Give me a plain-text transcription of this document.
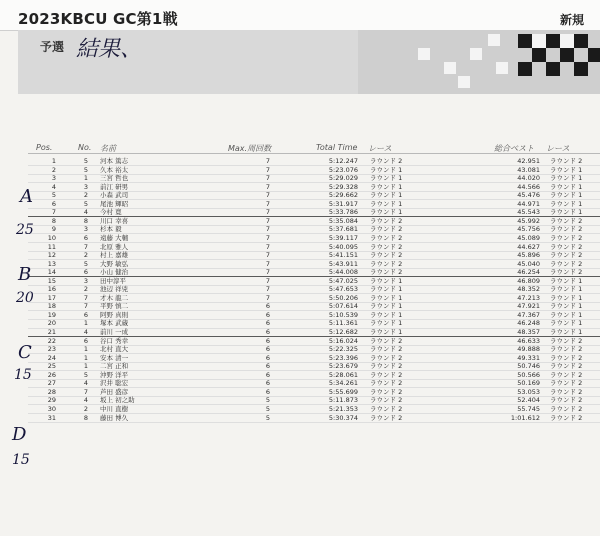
2023KBCU GC第1戦	新規
予選 結果、
Pos.	No. 名前	Max.周回数	Total Time レース	総合ベスト レース
1	5 河本 篤志	7	5:12.247 ラウンド 2	42.951 ラウンド 2
2	5 久本 裕太	7	5:23.076 ラウンド 1	43.081 ラウンド 1
3	1 三宮 哲也	7	5:29.029 ラウンド 1	44.020 ラウンド 1
4	3 前江 研男	7	5:29.328 ラウンド 1	44.566 ラウンド 1
5	2 小森 武司	7	5:29.662 ラウンド 1	45.476 ラウンド 1
6	5 尾池 輝昭	7	5:31.917 ラウンド 1	44.971 ラウンド 1
7	4 今村 寛	7	5:33.786 ラウンド 1	45.543 ラウンド 1
8	8 川口 幸喜	7	5:35.084 ラウンド 2	45.992 ラウンド 2
9	3 杉本 毅	7	5:37.681 ラウンド 2	45.756 ラウンド 2
10	6 遠藤 大輔	7	5:39.117 ラウンド 2	45.089 ラウンド 2
11	7 北原 雅人	7	5:40.095 ラウンド 2	44.627 ラウンド 2
12	2 村上 嘉雄	7	5:41.151 ラウンド 2	45.896 ラウンド 2
13	5 大野 敏弘	7	5:43.911 ラウンド 2	45.040 ラウンド 2
14	6 小山 健治	7	5:44.008 ラウンド 2	46.254 ラウンド 2
15	3 田中淳平	7	5:47.025 ラウンド 1	46.809 ラウンド 1
16	2 池辺 祥兇	7	5:47.653 ラウンド 1	48.352 ラウンド 1
17	7 才木 龍二	7	5:50.206 ラウンド 1	47.213 ラウンド 1
18	7 平野 慎二	6	5:07.614 ラウンド 1	47.921 ラウンド 1
19	6 阿野 真則	6	5:10.539 ラウンド 1	47.367 ラウンド 1
20	1 塚本 武蔵	6	5:11.361 ラウンド 1	46.248 ラウンド 1
21	4 前川 一成	6	5:12.682 ラウンド 1	48.357 ラウンド 1
22	6 谷口 秀幸	6	5:16.024 ラウンド 2	46.633 ラウンド 2
23	1 北村 直大	6	5:22.325 ラウンド 2	49.888 ラウンド 2
24	1 安本 清一	6	5:23.396 ラウンド 2	49.331 ラウンド 2
25	1 二宮 正和	6	5:23.679 ラウンド 2	50.746 ラウンド 2
26	5 沖野 洋平	6	5:28.061 ラウンド 2	50.566 ラウンド 2
27	4 沢井 聡宏	6	5:34.261 ラウンド 2	50.169 ラウンド 2
28	7 芦田 盛彦	6	5:55.699 ラウンド 2	53.053 ラウンド 2
29	4 坂上 初之助	5	5:11.873 ラウンド 2	52.404 ラウンド 2
30	2 中川 直樹	5	5:21.353 ラウンド 2	55.745 ラウンド 2
31	8 藤田 博久	5	5:30.374 ラウンド 2	1:01.612 ラウンド 2
A
25
B
20
C
15
D
15
